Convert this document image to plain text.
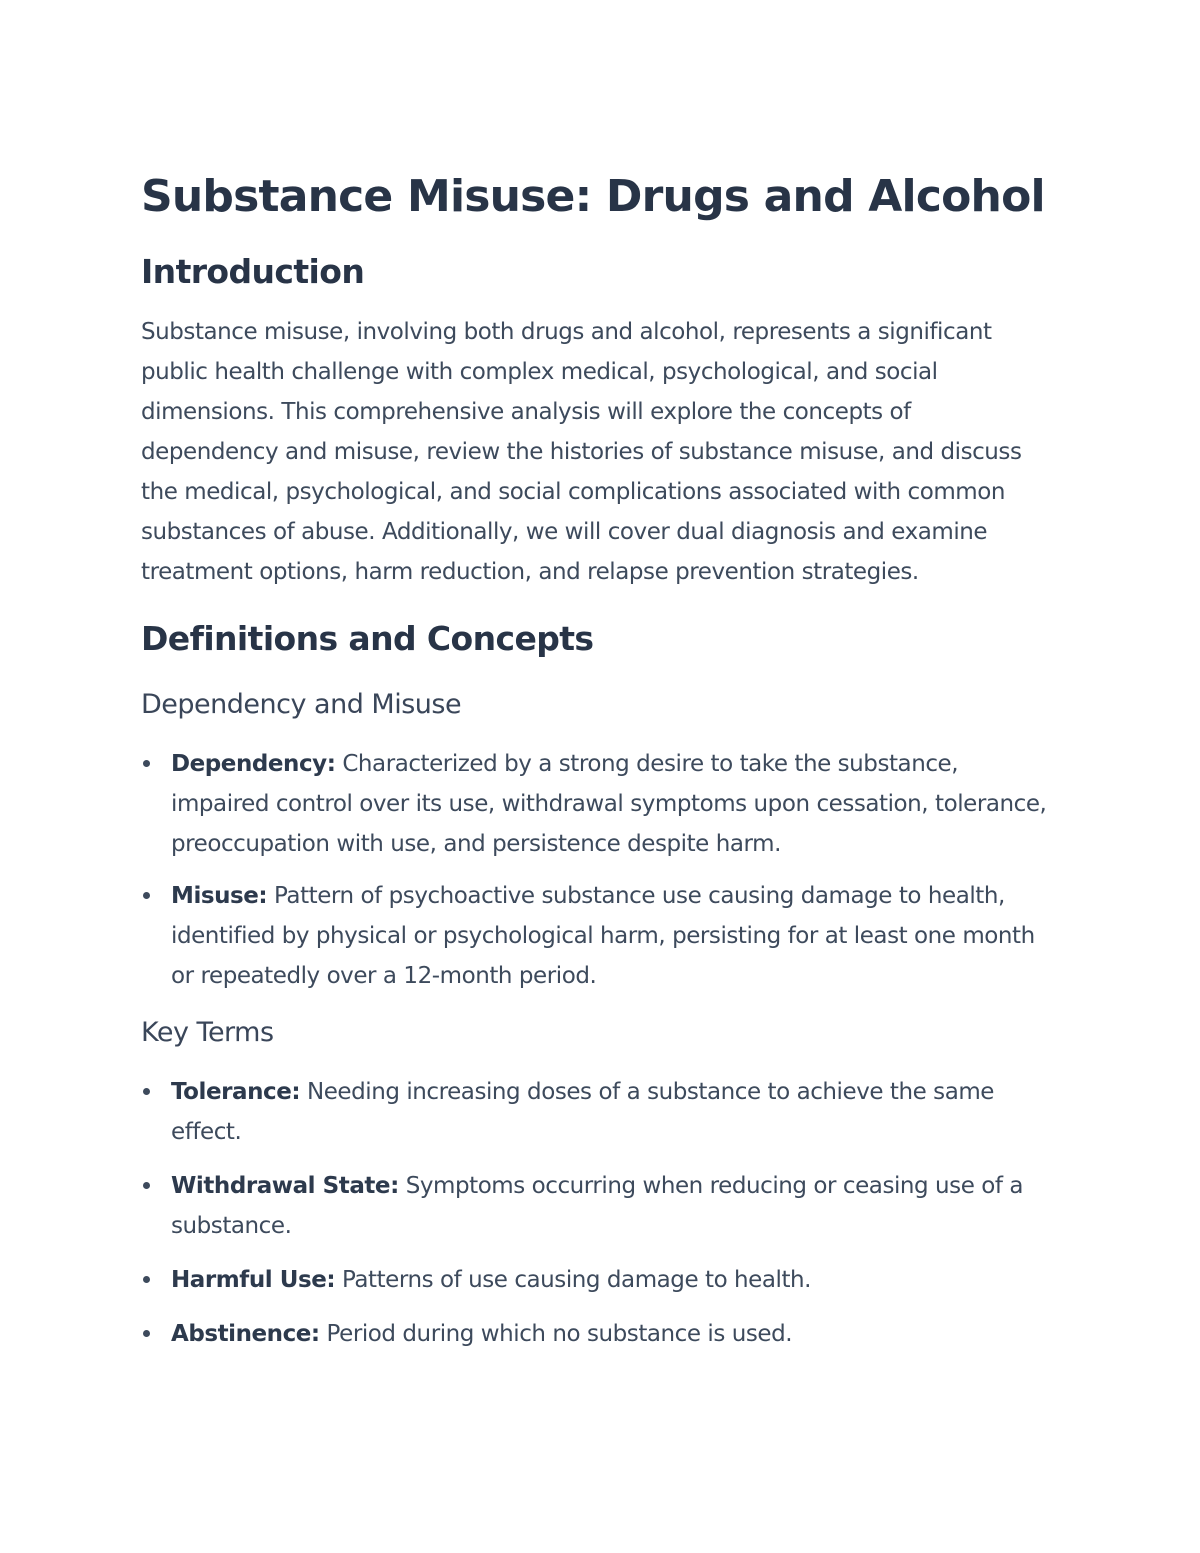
Substance Misuse: Drugs and Alcohol
Introduction

Substance misuse, involving both drugs and alcohol, represents a significant public health challenge with complex medical, psychological, and social dimensions. This comprehensive analysis will explore the concepts of dependency and misuse, review the histories of substance misuse, and discuss the medical, psychological, and social complications associated with common substances of abuse. Additionally, we will cover dual diagnosis and examine treatment options, harm reduction, and relapse prevention strategies.

Definitions and Concepts
Dependency and Misuse
Dependency: Characterized by a strong desire to take the substance, impaired control over its use, withdrawal symptoms upon cessation, tolerance, preoccupation with use, and persistence despite harm.
Misuse: Pattern of psychoactive substance use causing damage to health, identified by physical or psychological harm, persisting for at least one month or repeatedly over a 12-month period.
Key Terms
Tolerance: Needing increasing doses of a substance to achieve the same effect.
Withdrawal State: Symptoms occurring when reducing or ceasing use of a substance.
Harmful Use: Patterns of use causing damage to health.
Abstinence: Period during which no substance is used.
